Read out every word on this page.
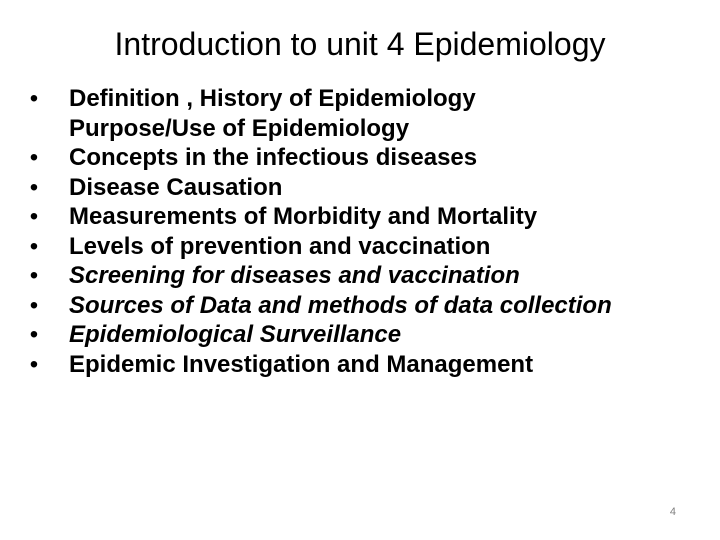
Introduction to unit 4 Epidemiology
• Definition , History of Epidemiology
Purpose/Use of Epidemiology
• Concepts in the infectious diseases
• Disease Causation
• Measurements of Morbidity and Mortality
• Levels of prevention and vaccination
• Screening for diseases and vaccination
• Sources of Data and methods of data collection
• Epidemiological Surveillance
• Epidemic Investigation and Management
4
